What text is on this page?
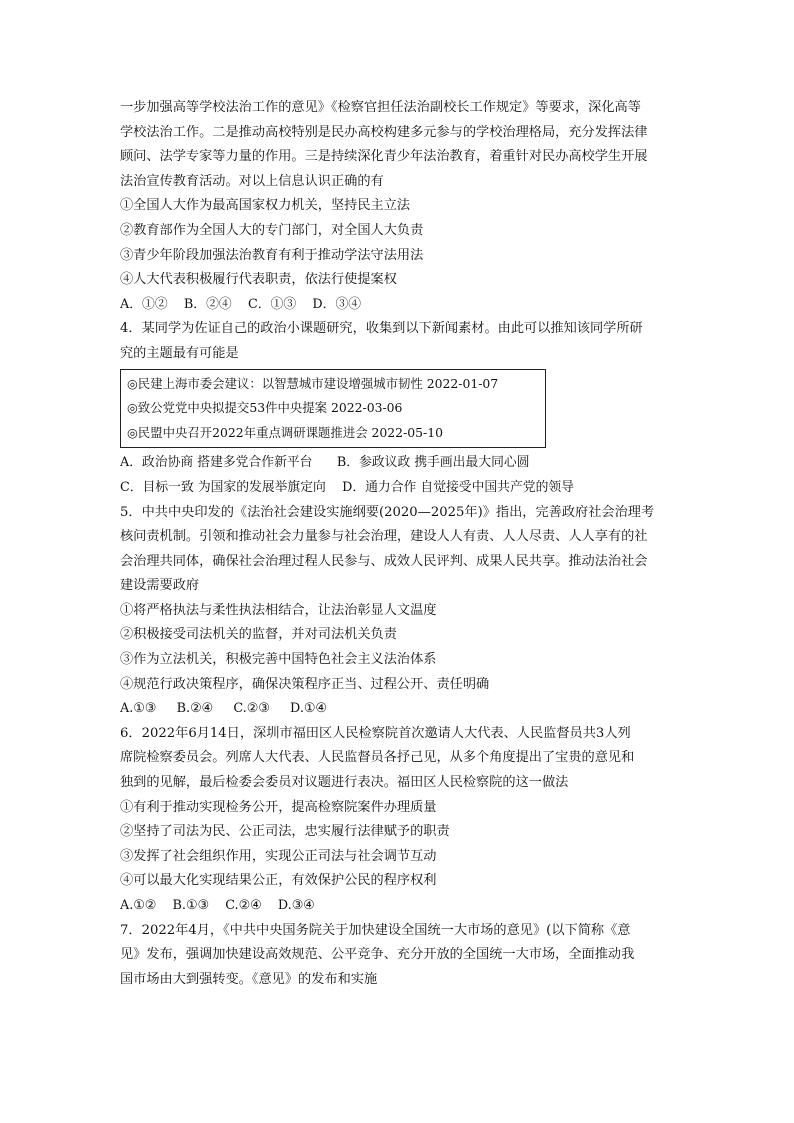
一步加强高等学校法治工作的意见》《检察官担任法治副校长工作规定》等要求，深化高等
学校法治工作。二是推动高校特别是民办高校构建多元参与的学校治理格局，充分发挥法律
顾问、法学专家等力量的作用。三是持续深化青少年法治教育，着重针对民办高校学生开展
法治宣传教育活动。对以上信息认识正确的有
①全国人大作为最高国家权力机关，坚持民主立法
②教育部作为全国人大的专门部门，对全国人大负责
③青少年阶段加强法治教育有利于推动学法守法用法
④人大代表积极履行代表职责，依法行使提案权
A．①②    B．②④    C．①③    D．③④
4．某同学为佐证自己的政治小课题研究，收集到以下新闻素材。由此可以推知该同学所研
究的主题最有可能是
◎民建上海市委会建议：以智慧城市建设增强城市韧性 2022-01-07
◎致公党党中央拟提交53件中央提案 2022-03-06
◎民盟中央召开2022年重点调研课题推进会 2022-05-10
A．政治协商 搭建多党合作新平台      B．参政议政 携手画出最大同心圆
C．目标一致 为国家的发展举旗定向    D．通力合作 自觉接受中国共产党的领导
5．中共中央印发的《法治社会建设实施纲要(2020—2025年)》指出，完善政府社会治理考
核问责机制。引领和推动社会力量参与社会治理，建设人人有责、人人尽责、人人享有的社
会治理共同体，确保社会治理过程人民参与、成效人民评判、成果人民共享。推动法治社会
建设需要政府
①将严格执法与柔性执法相结合，让法治彰显人文温度
②积极接受司法机关的监督，并对司法机关负责
③作为立法机关，积极完善中国特色社会主义法治体系
④规范行政决策程序，确保决策程序正当、过程公开、责任明确
A.①③     B.②④     C.②③     D.①④
6．2022年6月14日，深圳市福田区人民检察院首次邀请人大代表、人民监督员共3人列
席院检察委员会。列席人大代表、人民监督员各抒己见，从多个角度提出了宝贵的意见和
独到的见解，最后检委会委员对议题进行表决。福田区人民检察院的这一做法
①有利于推动实现检务公开，提高检察院案件办理质量
②坚持了司法为民、公正司法，忠实履行法律赋予的职责
③发挥了社会组织作用，实现公正司法与社会调节互动
④可以最大化实现结果公正，有效保护公民的程序权利
A.①②    B.①③    C.②④    D.③④
7．2022年4月，《中共中央国务院关于加快建设全国统一大市场的意见》(以下简称《意
见》发布，强调加快建设高效规范、公平竞争、充分开放的全国统一大市场，全面推动我
国市场由大到强转变。《意见》的发布和实施
